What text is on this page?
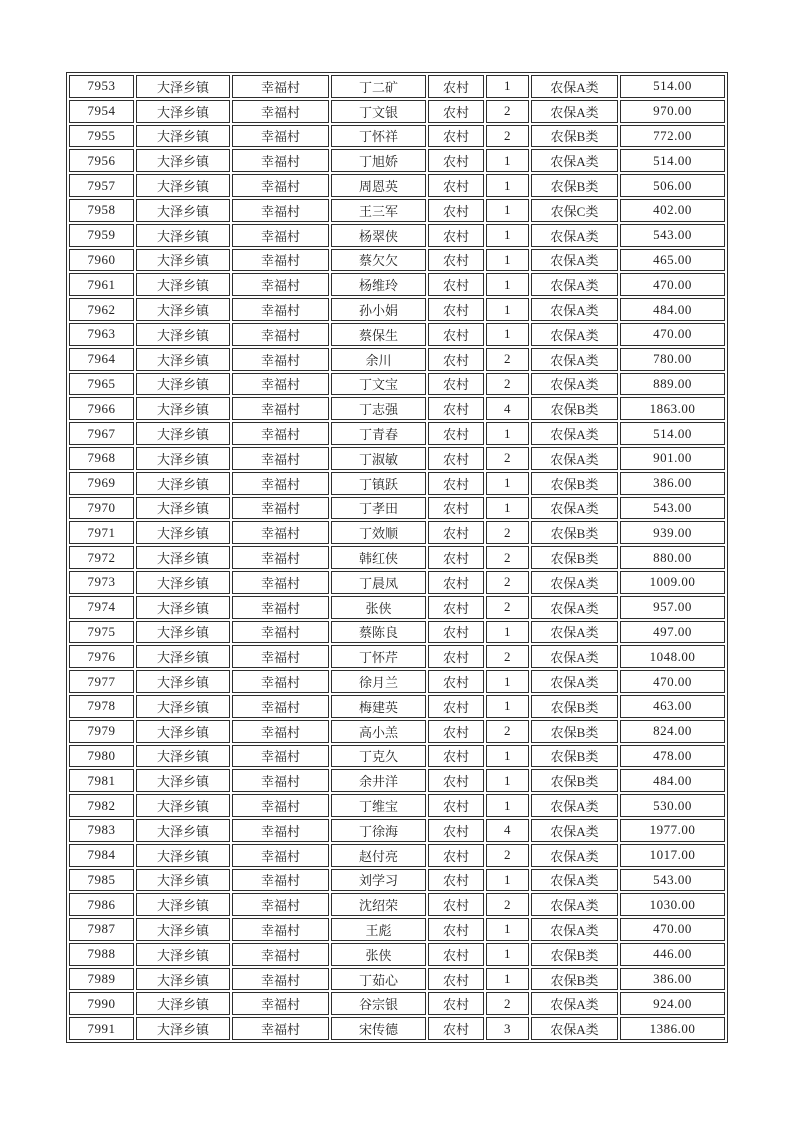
7953	大泽乡镇	幸福村	丁二矿	农村	1	农保A类	514.00
7954	大泽乡镇	幸福村	丁文银	农村	2	农保A类	970.00
7955	大泽乡镇	幸福村	丁怀祥	农村	2	农保B类	772.00
7956	大泽乡镇	幸福村	丁旭娇	农村	1	农保A类	514.00
7957	大泽乡镇	幸福村	周恩英	农村	1	农保B类	506.00
7958	大泽乡镇	幸福村	王三军	农村	1	农保C类	402.00
7959	大泽乡镇	幸福村	杨翠侠	农村	1	农保A类	543.00
7960	大泽乡镇	幸福村	蔡欠欠	农村	1	农保A类	465.00
7961	大泽乡镇	幸福村	杨维玲	农村	1	农保A类	470.00
7962	大泽乡镇	幸福村	孙小娟	农村	1	农保A类	484.00
7963	大泽乡镇	幸福村	蔡保生	农村	1	农保A类	470.00
7964	大泽乡镇	幸福村	余川	农村	2	农保A类	780.00
7965	大泽乡镇	幸福村	丁文宝	农村	2	农保A类	889.00
7966	大泽乡镇	幸福村	丁志强	农村	4	农保B类	1863.00
7967	大泽乡镇	幸福村	丁青春	农村	1	农保A类	514.00
7968	大泽乡镇	幸福村	丁淑敏	农村	2	农保A类	901.00
7969	大泽乡镇	幸福村	丁镇跃	农村	1	农保B类	386.00
7970	大泽乡镇	幸福村	丁孝田	农村	1	农保A类	543.00
7971	大泽乡镇	幸福村	丁效顺	农村	2	农保B类	939.00
7972	大泽乡镇	幸福村	韩红侠	农村	2	农保B类	880.00
7973	大泽乡镇	幸福村	丁晨凤	农村	2	农保A类	1009.00
7974	大泽乡镇	幸福村	张侠	农村	2	农保A类	957.00
7975	大泽乡镇	幸福村	蔡陈良	农村	1	农保A类	497.00
7976	大泽乡镇	幸福村	丁怀芹	农村	2	农保A类	1048.00
7977	大泽乡镇	幸福村	徐月兰	农村	1	农保A类	470.00
7978	大泽乡镇	幸福村	梅建英	农村	1	农保B类	463.00
7979	大泽乡镇	幸福村	高小羔	农村	2	农保B类	824.00
7980	大泽乡镇	幸福村	丁克久	农村	1	农保B类	478.00
7981	大泽乡镇	幸福村	余井洋	农村	1	农保B类	484.00
7982	大泽乡镇	幸福村	丁维宝	农村	1	农保A类	530.00
7983	大泽乡镇	幸福村	丁徐海	农村	4	农保A类	1977.00
7984	大泽乡镇	幸福村	赵付亮	农村	2	农保A类	1017.00
7985	大泽乡镇	幸福村	刘学习	农村	1	农保A类	543.00
7986	大泽乡镇	幸福村	沈绍荣	农村	2	农保A类	1030.00
7987	大泽乡镇	幸福村	王彪	农村	1	农保A类	470.00
7988	大泽乡镇	幸福村	张侠	农村	1	农保B类	446.00
7989	大泽乡镇	幸福村	丁茹心	农村	1	农保B类	386.00
7990	大泽乡镇	幸福村	谷宗银	农村	2	农保A类	924.00
7991	大泽乡镇	幸福村	宋传德	农村	3	农保A类	1386.00
